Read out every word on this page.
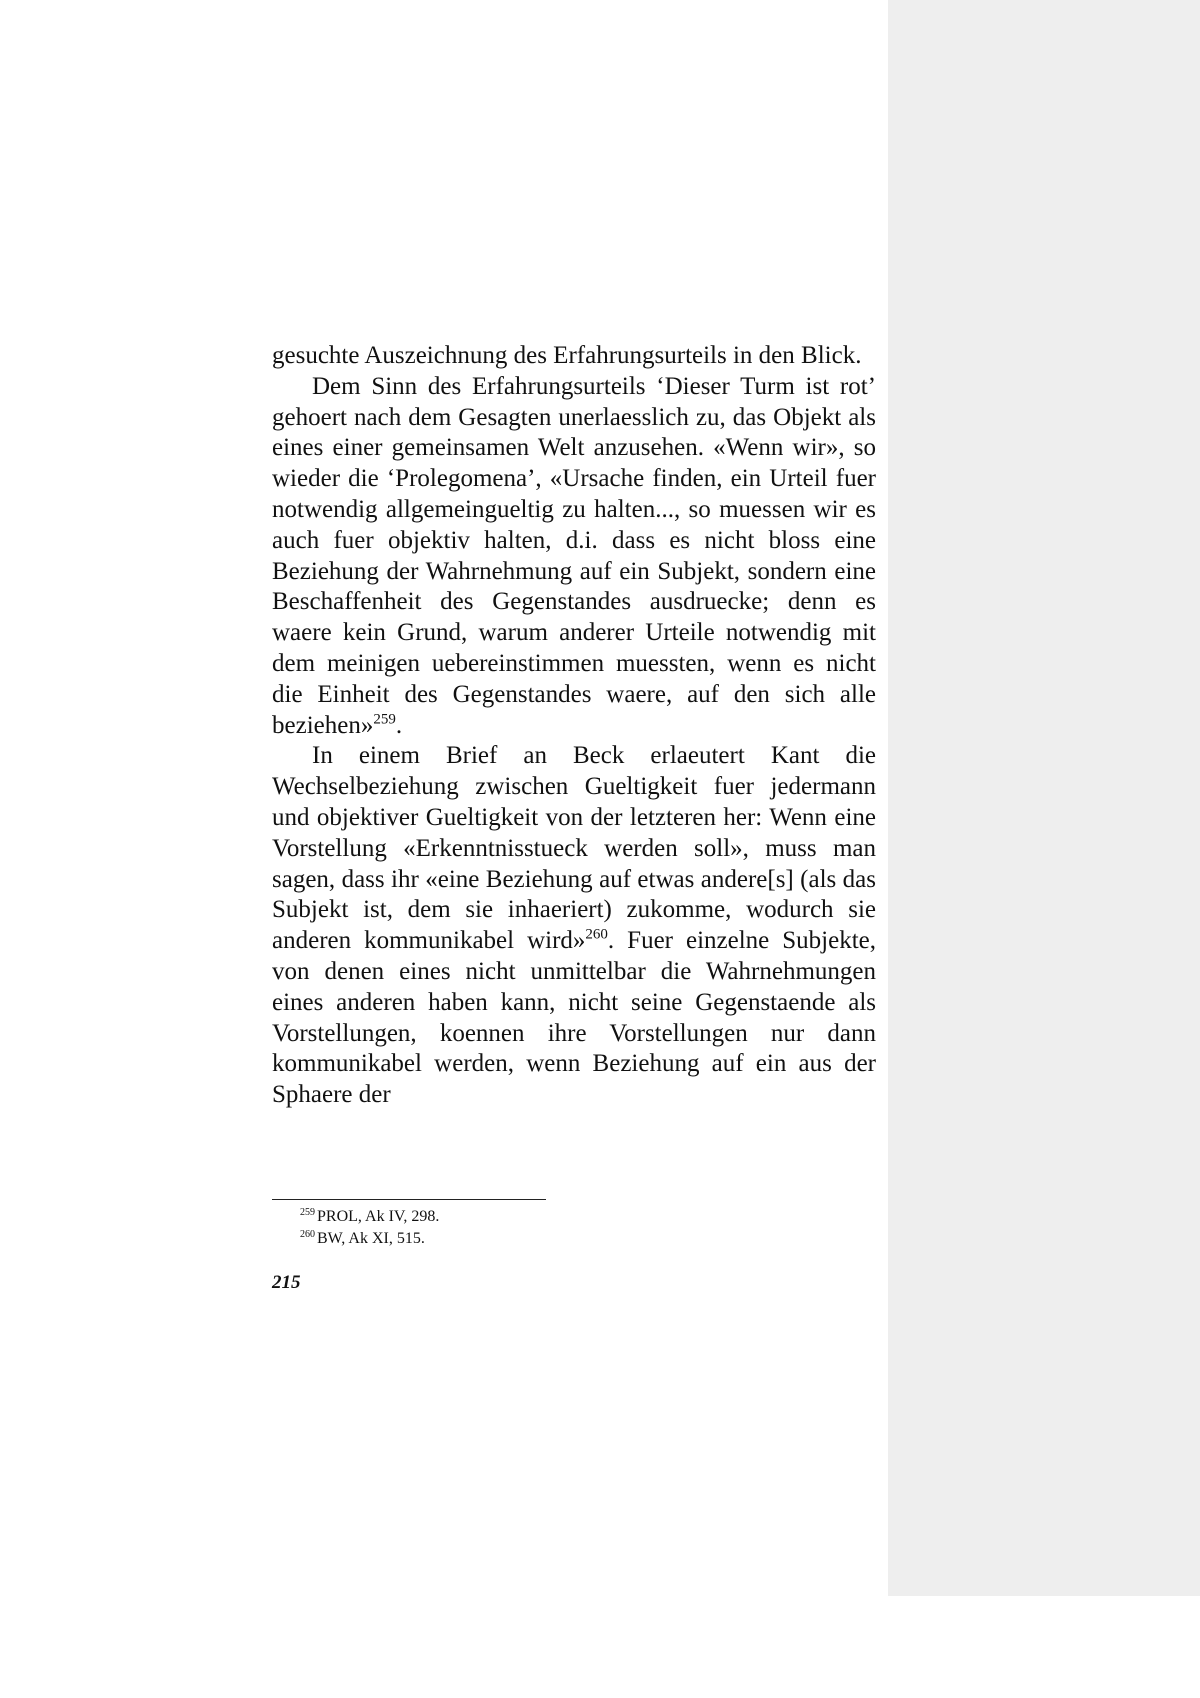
gesuchte Auszeichnung des Erfahrungsurteils in den Blick.

Dem Sinn des Erfahrungsurteils ‘Dieser Turm ist rot’ gehoert nach dem Gesagten unerlaesslich zu, das Objekt als eines einer gemeinsamen Welt anzusehen. «Wenn wir», so wieder die ‘Prolegomena’, «Ursache finden, ein Urteil fuer notwendig allgemeingueltig zu halten..., so muessen wir es auch fuer objektiv halten, d.i. dass es nicht bloss eine Beziehung der Wahrnehmung auf ein Subjekt, sondern eine Beschaffenheit des Gegenstandes ausdruecke; denn es waere kein Grund, warum anderer Urteile notwendig mit dem meinigen uebereinstimmen muessten, wenn es nicht die Einheit des Gegenstandes waere, auf den sich alle beziehen»$^{259}$.

In einem Brief an Beck erlaeutert Kant die Wechselbeziehung zwischen Gueltigkeit fuer jedermann und objektiver Gueltigkeit von der letzteren her: Wenn eine Vorstellung «Erkenntnisstueck werden soll», muss man sagen, dass ihr «eine Beziehung auf etwas andere[s] (als das Subjekt ist, dem sie inhaeriert) zukomme, wodurch sie anderen kommunikabel wird»$^{260}$. Fuer einzelne Subjekte, von denen eines nicht unmittelbar die Wahrnehmungen eines anderen haben kann, nicht seine Gegenstaende als Vorstellungen, koennen ihre Vorstellungen nur dann kommunikabel werden, wenn Beziehung auf ein aus der Sphaere der

$^{259}$ PROL, Ak IV, 298.

$^{260}$ BW, Ak XI, 515.

215
